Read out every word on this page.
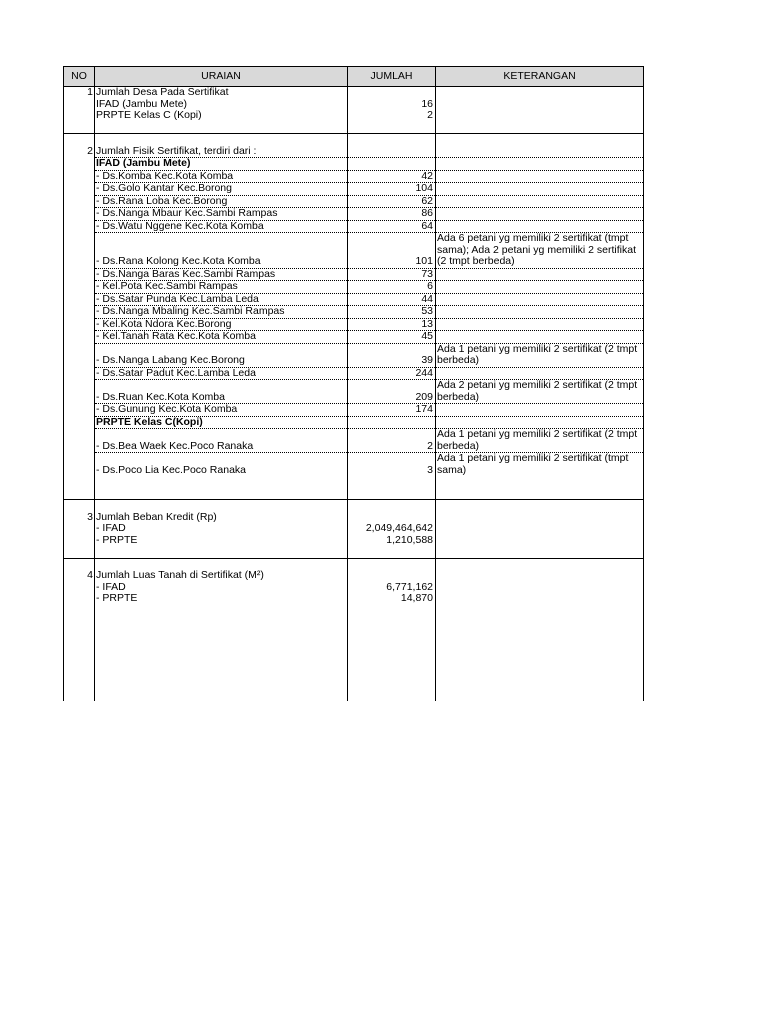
NO	URAIAN	JUMLAH	KETERANGAN
1	Jumlah Desa Pada Sertifikat		
	IFAD (Jambu Mete)	16	
	PRPTE Kelas C (Kopi)	2	

2	Jumlah Fisik Sertifikat, terdiri dari :		
	IFAD (Jambu Mete)		
	- Ds.Komba Kec.Kota Komba	42	
	- Ds.Golo Kantar Kec.Borong	104	
	- Ds.Rana Loba Kec.Borong	62	
	- Ds.Nanga Mbaur Kec.Sambi Rampas	86	
	- Ds.Watu Nggene Kec.Kota Komba	64	
	- Ds.Rana Kolong Kec.Kota Komba	101	Ada 6 petani yg memiliki 2 sertifikat (tmpt sama); Ada 2 petani yg memiliki 2 sertifikat (2 tmpt berbeda)
	- Ds.Nanga Baras Kec.Sambi Rampas	73	
	- Kel.Pota Kec.Sambi Rampas	6	
	- Ds.Satar Punda Kec.Lamba Leda	44	
	- Ds.Nanga Mbaling Kec.Sambi Rampas	53	
	- Kel.Kota Ndora Kec.Borong	13	
	- Kel.Tanah Rata Kec.Kota Komba	45	
	- Ds.Nanga Labang Kec.Borong	39	Ada 1 petani yg memiliki 2 sertifikat (2 tmpt berbeda)
	- Ds.Satar Padut Kec.Lamba Leda	244	
	- Ds.Ruan Kec.Kota Komba	209	Ada 2 petani yg memiliki 2 sertifikat (2 tmpt berbeda)
	- Ds.Gunung Kec.Kota Komba	174	
	PRPTE Kelas C(Kopi)		
	- Ds.Bea Waek Kec.Poco Ranaka	2	Ada 1 petani yg memiliki 2 sertifikat (2 tmpt berbeda)
	- Ds.Poco Lia Kec.Poco Ranaka	3	Ada 1 petani yg memiliki 2 sertifikat (tmpt sama)

3	Jumlah Beban Kredit (Rp)		
	- IFAD	2,049,464,642	
	- PRPTE	1,210,588	

4	Jumlah Luas Tanah di Sertifikat (M²)		
	- IFAD	6,771,162	
	- PRPTE	14,870	
